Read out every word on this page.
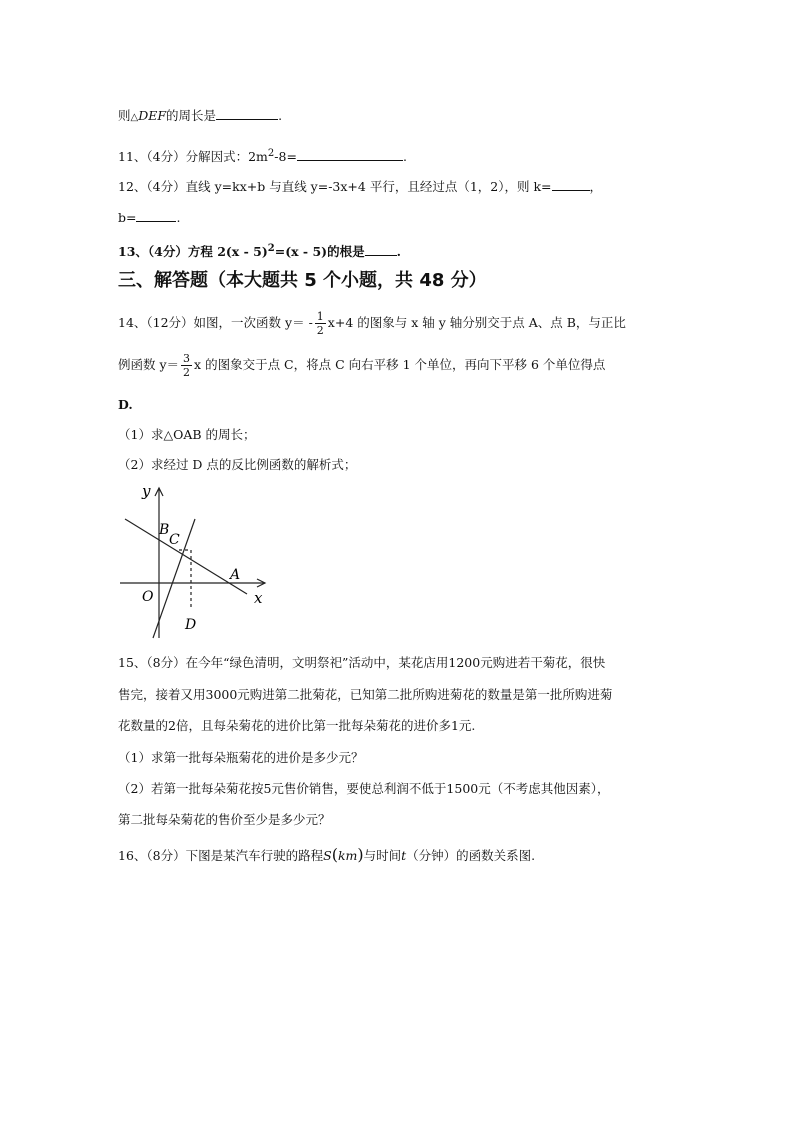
则△DEF的周长是	.
11、（4分）分解因式：$2m^2-8=$	.
12、（4分）直线 y=kx+b 与直线 y=-3x+4 平行，且经过点（1，2），则 k=	，
b=	.
13、（4分）方程 2(x - 5)$^2$=(x - 5)的根是	.
三、解答题（本大题共 5 个小题，共 48 分）
14、（12分）如图，一次函数 $y= - \frac{1}{2} x+4$ 的图象与 x 轴 y 轴分别交于点 A、点 B，与正比
例函数 $y= \frac{3}{2}$ x 的图象交于点 C，将点 C 向右平移 1 个单位，再向下平移 6 个单位得点
D.
（1）求△OAB 的周长；
（2）求经过 D 点的反比例函数的解析式；
y
x
B
C
A
O
D
15、（8分）在今年“绿色清明，文明祭祀”活动中，某花店用1200元购进若干菊花，很快
售完，接着又用3000元购进第二批菊花，已知第二批所购进菊花的数量是第一批所购进菊
花数量的2倍，且每朵菊花的进价比第一批每朵菊花的进价多1元.
（1）求第一批每朵瓶菊花的进价是多少元？
（2）若第一批每朵菊花按5元售价销售，要使总利润不低于1500元（不考虑其他因素），
第二批每朵菊花的售价至少是多少元？
16、（8分）下图是某汽车行驶的路程S(km)与时间t（分钟）的函数关系图.
